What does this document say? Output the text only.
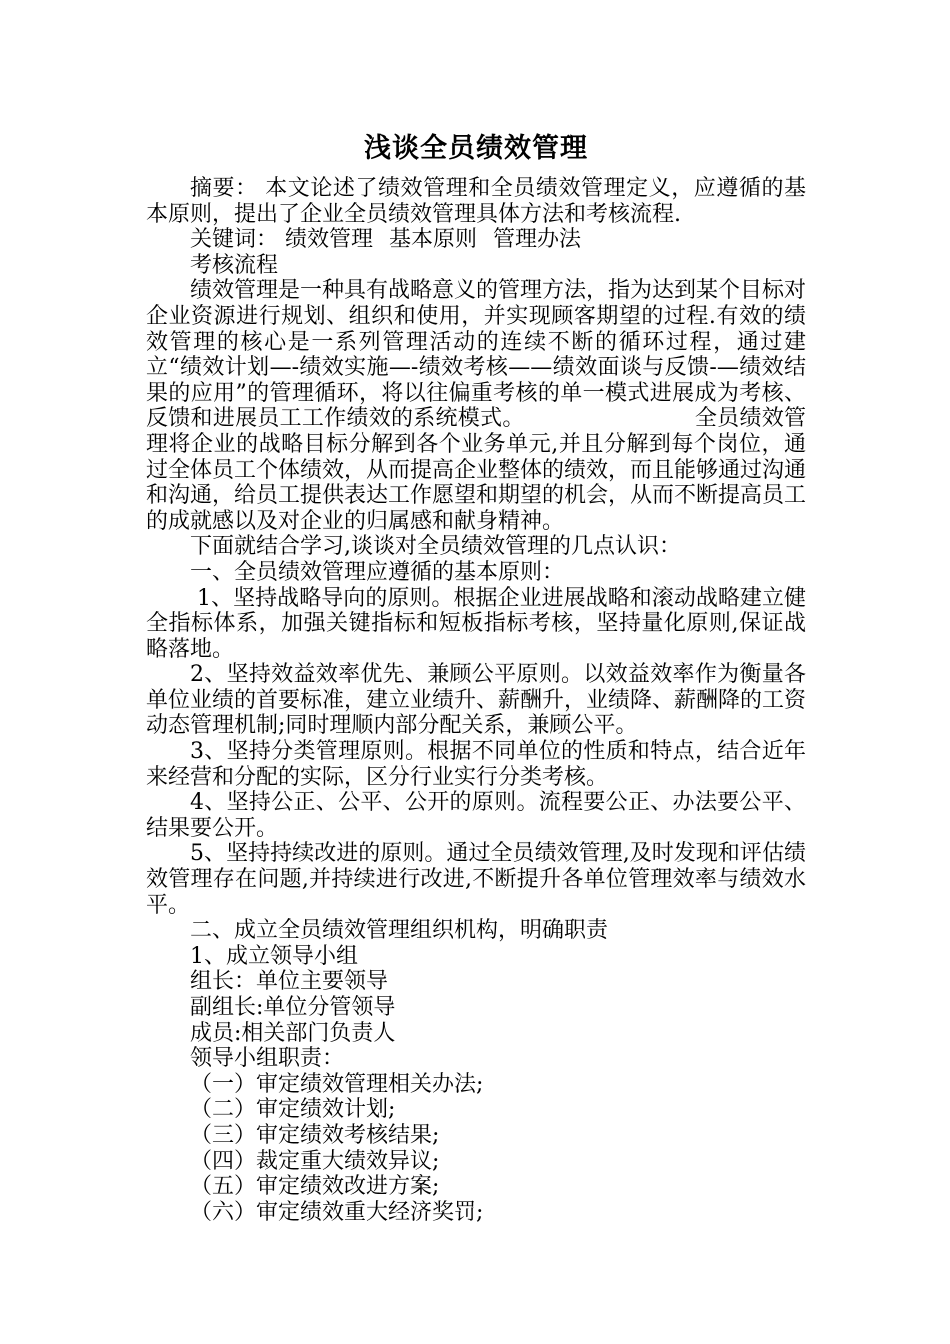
浅谈全员绩效管理

摘要： 本文论述了绩效管理和全员绩效管理定义，应遵循的基本原则，提出了企业全员绩效管理具体方法和考核流程.

关键词： 绩效管理 基本原则 管理办法

考核流程

绩效管理是一种具有战略意义的管理方法，指为达到某个目标对企业资源进行规划、组织和使用，并实现顾客期望的过程.有效的绩效管理的核心是一系列管理活动的连续不断的循环过程，通过建立“绩效计划—-绩效实施—-绩效考核——绩效面谈与反馈-—绩效结果的应用”的管理循环，将以往偏重考核的单一模式进展成为考核、反馈和进展员工工作绩效的系统模式。	全员绩效管理将企业的战略目标分解到各个业务单元,并且分解到每个岗位，通过全体员工个体绩效，从而提高企业整体的绩效，而且能够通过沟通和沟通，给员工提供表达工作愿望和期望的机会，从而不断提高员工的成就感以及对企业的归属感和献身精神。

下面就结合学习,谈谈对全员绩效管理的几点认识：

一、全员绩效管理应遵循的基本原则：

1、坚持战略导向的原则。根据企业进展战略和滚动战略建立健全指标体系，加强关键指标和短板指标考核，坚持量化原则,保证战略落地。

2、坚持效益效率优先、兼顾公平原则。以效益效率作为衡量各单位业绩的首要标准，建立业绩升、薪酬升，业绩降、薪酬降的工资动态管理机制;同时理顺内部分配关系，兼顾公平。

3、坚持分类管理原则。根据不同单位的性质和特点，结合近年来经营和分配的实际，区分行业实行分类考核。

4、坚持公正、公平、公开的原则。流程要公正、办法要公平、结果要公开。

5、坚持持续改进的原则。通过全员绩效管理,及时发现和评估绩效管理存在问题,并持续进行改进,不断提升各单位管理效率与绩效水平。

二、成立全员绩效管理组织机构，明确职责

1、成立领导小组

组长：单位主要领导

副组长:单位分管领导

成员:相关部门负责人

领导小组职责：

（一）审定绩效管理相关办法;

（二）审定绩效计划;

（三）审定绩效考核结果;

（四）裁定重大绩效异议;

（五）审定绩效改进方案;

（六）审定绩效重大经济奖罚;
